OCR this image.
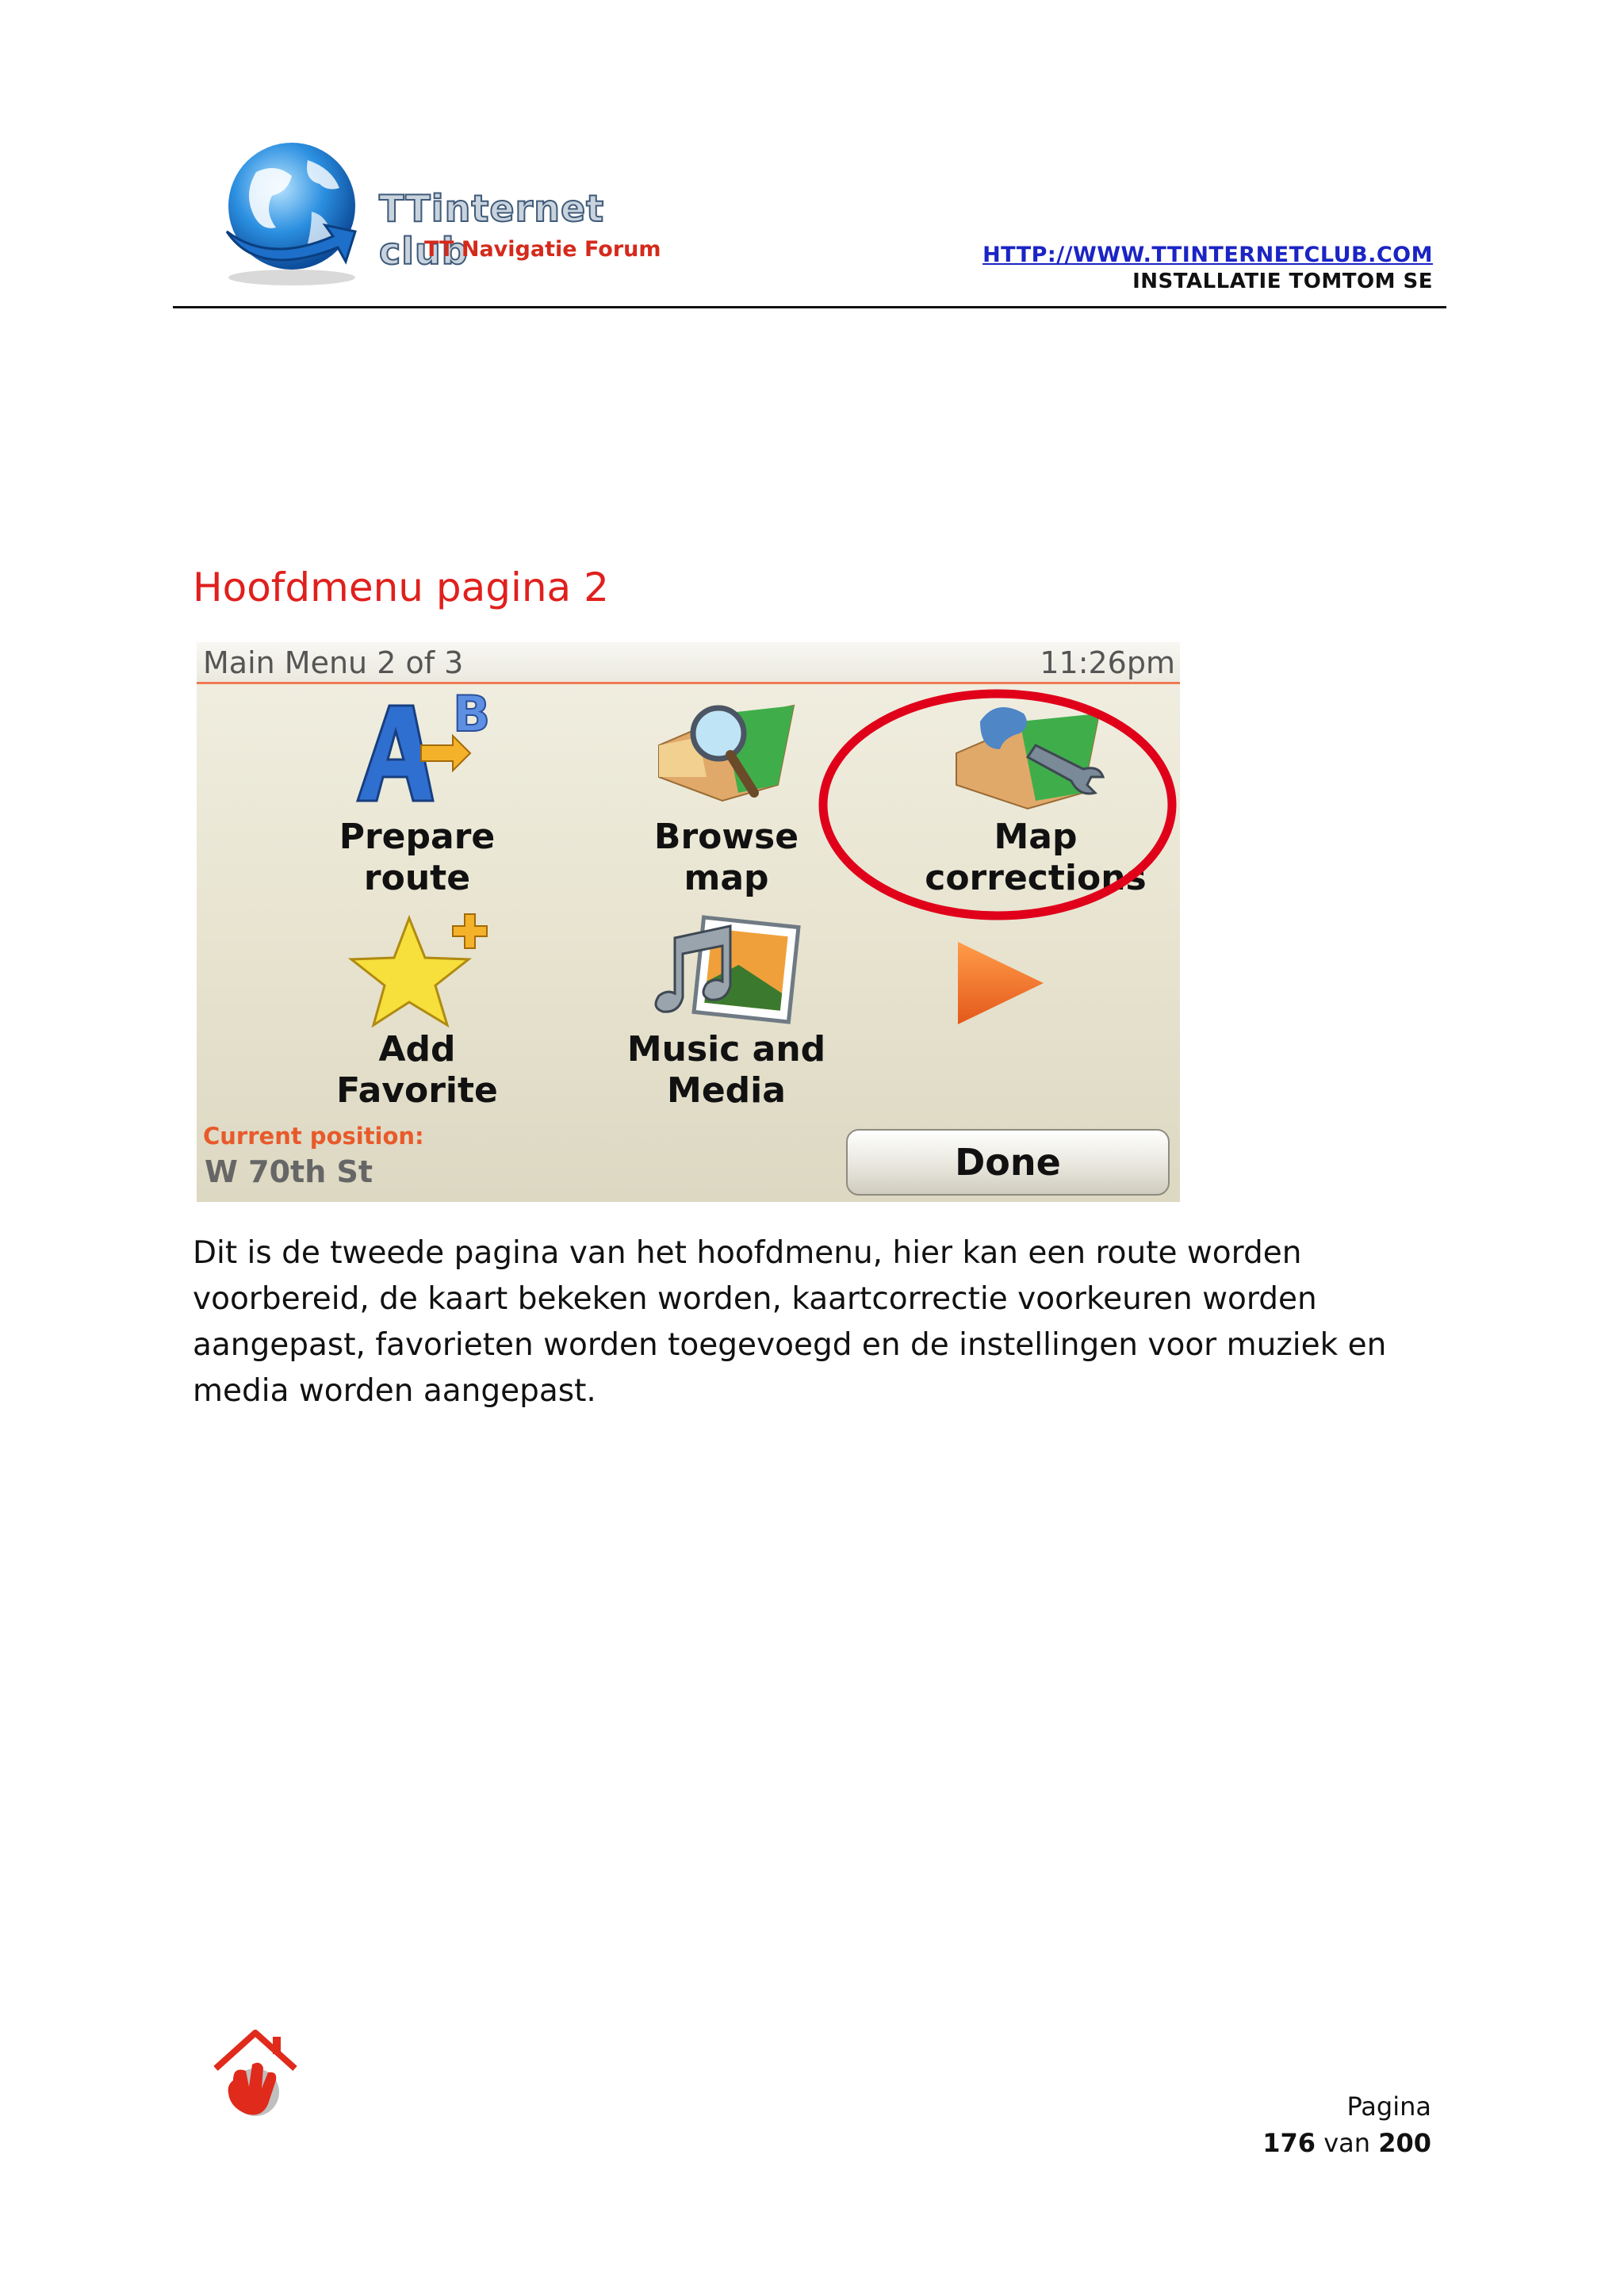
TTinternet club
TT Navigatie Forum	HTTP://WWW.TTINTERNETCLUB.COM
INSTALLATIE TOMTOM SE
Hoofdmenu pagina 2
Main Menu 2 of 3	11:26pm
B
Prepare
route
Browse
map
Map
corrections
Add
Favorite
Music and
Media
Current position:
W 70th St	Done
Dit is de tweede pagina van het hoofdmenu, hier kan een route worden voorbereid, de kaart bekeken worden, kaartcorrectie voorkeuren worden aangepast, favorieten worden toegevoegd en de instellingen voor muziek en media worden aangepast.
Pagina
176 van 200
